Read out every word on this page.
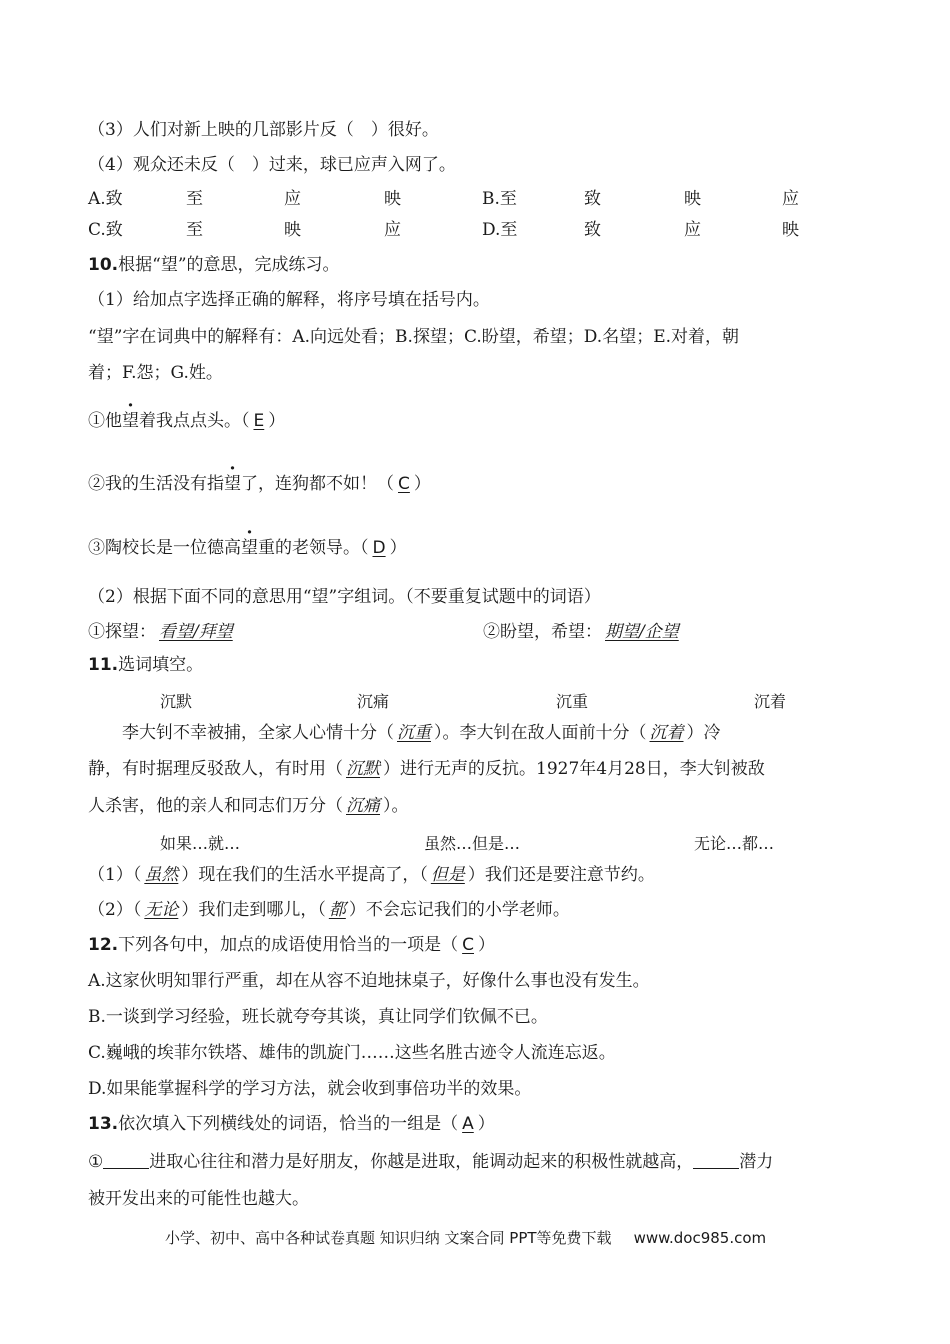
（3）人们对新上映的几部影片反（　）很好。
（4）观众还未反（　）过来，球已应声入网了。
A.致	至	应	映	B.至	致	映	应
C.致	至	映	应	D.至	致	应	映
10.根据“望”的意思，完成练习。
（1）给加点字选择正确的解释，将序号填在括号内。
“望”字在词典中的解释有：A.向远处看；B.探望；C.盼望，希望；D.名望；E.对着，朝
着；F.怨；G.姓。
①他望着我点点头。（ E ）
②我的生活没有指望了，连狗都不如！（ C ）
③陶校长是一位德高望重的老领导。（ D ）
（2）根据下面不同的意思用“望”字组词。（不要重复试题中的词语）
①探望： 看望/拜望	②盼望，希望： 期望/企望
11.选词填空。
沉默	沉痛	沉重	沉着
李大钊不幸被捕，全家人心情十分（ 沉重 ）。李大钊在敌人面前十分（ 沉着 ）冷
静，有时据理反驳敌人，有时用（ 沉默 ）进行无声的反抗。1927年4月28日，李大钊被敌
人杀害，他的亲人和同志们万分（ 沉痛 ）。
如果…就…	虽然…但是…	无论…都…
（1）（ 虽然 ）现在我们的生活水平提高了，（ 但是 ）我们还是要注意节约。
（2）（ 无论 ）我们走到哪儿，（ 都 ）不会忘记我们的小学老师。
12.下列各句中，加点的成语使用恰当的一项是（ C ）
A.这家伙明知罪行严重，却在从容不迫地抹桌子，好像什么事也没有发生。
B.一谈到学习经验，班长就夸夸其谈，真让同学们钦佩不已。
C.巍峨的埃菲尔铁塔、雄伟的凯旋门……这些名胜古迹令人流连忘返。
D.如果能掌握科学的学习方法，就会收到事倍功半的效果。
13.依次填入下列横线处的词语，恰当的一组是（ A ）
①	进取心往往和潜力是好朋友，你越是进取，能调动起来的积极性就越高，	潜力
被开发出来的可能性也越大。
小学、初中、高中各种试卷真题 知识归纳 文案合同 PPT等免费下载 www.doc985.com
